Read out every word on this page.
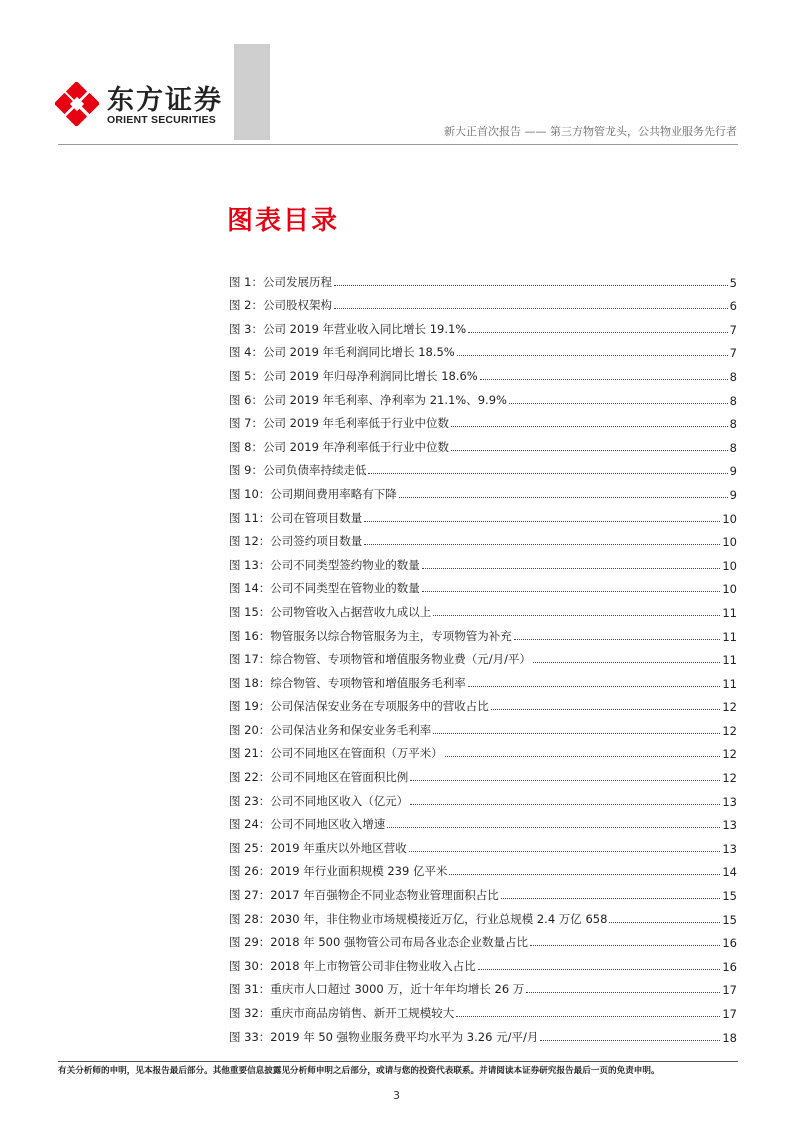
东方证券
ORIENT SECURITIES
新大正首次报告 —— 第三方物管龙头，公共物业服务先行者
图表目录
图 1：公司发展历程	5
图 2：公司股权架构	6
图 3：公司 2019 年营业收入同比增长 19.1%	7
图 4：公司 2019 年毛利润同比增长 18.5%	7
图 5：公司 2019 年归母净利润同比增长 18.6%	8
图 6：公司 2019 年毛利率、净利率为 21.1%、9.9%	8
图 7：公司 2019 年毛利率低于行业中位数	8
图 8：公司 2019 年净利率低于行业中位数	8
图 9：公司负债率持续走低	9
图 10：公司期间费用率略有下降	9
图 11：公司在管项目数量	10
图 12：公司签约项目数量	10
图 13：公司不同类型签约物业的数量	10
图 14：公司不同类型在管物业的数量	10
图 15：公司物管收入占据营收九成以上	11
图 16：物管服务以综合物管服务为主，专项物管为补充	11
图 17：综合物管、专项物管和增值服务物业费（元/月/平）	11
图 18：综合物管、专项物管和增值服务毛利率	11
图 19：公司保洁保安业务在专项服务中的营收占比	12
图 20：公司保洁业务和保安业务毛利率	12
图 21：公司不同地区在管面积（万平米）	12
图 22：公司不同地区在管面积比例	12
图 23：公司不同地区收入（亿元）	13
图 24：公司不同地区收入增速	13
图 25：2019 年重庆以外地区营收	13
图 26：2019 年行业面积规模 239 亿平米	14
图 27：2017 年百强物企不同业态物业管理面积占比	15
图 28：2030 年，非住物业市场规模接近万亿，行业总规模 2.4 万亿 658	15
图 29：2018 年 500 强物管公司布局各业态企业数量占比	16
图 30：2018 年上市物管公司非住物业收入占比	16
图 31：重庆市人口超过 3000 万，近十年年均增长 26 万	17
图 32：重庆市商品房销售、新开工规模较大	17
图 33：2019 年 50 强物业服务费平均水平为 3.26 元/平/月	18
有关分析师的申明，见本报告最后部分。其他重要信息披露见分析师申明之后部分，或请与您的投资代表联系。并请阅读本证券研究报告最后一页的免责申明。
3
